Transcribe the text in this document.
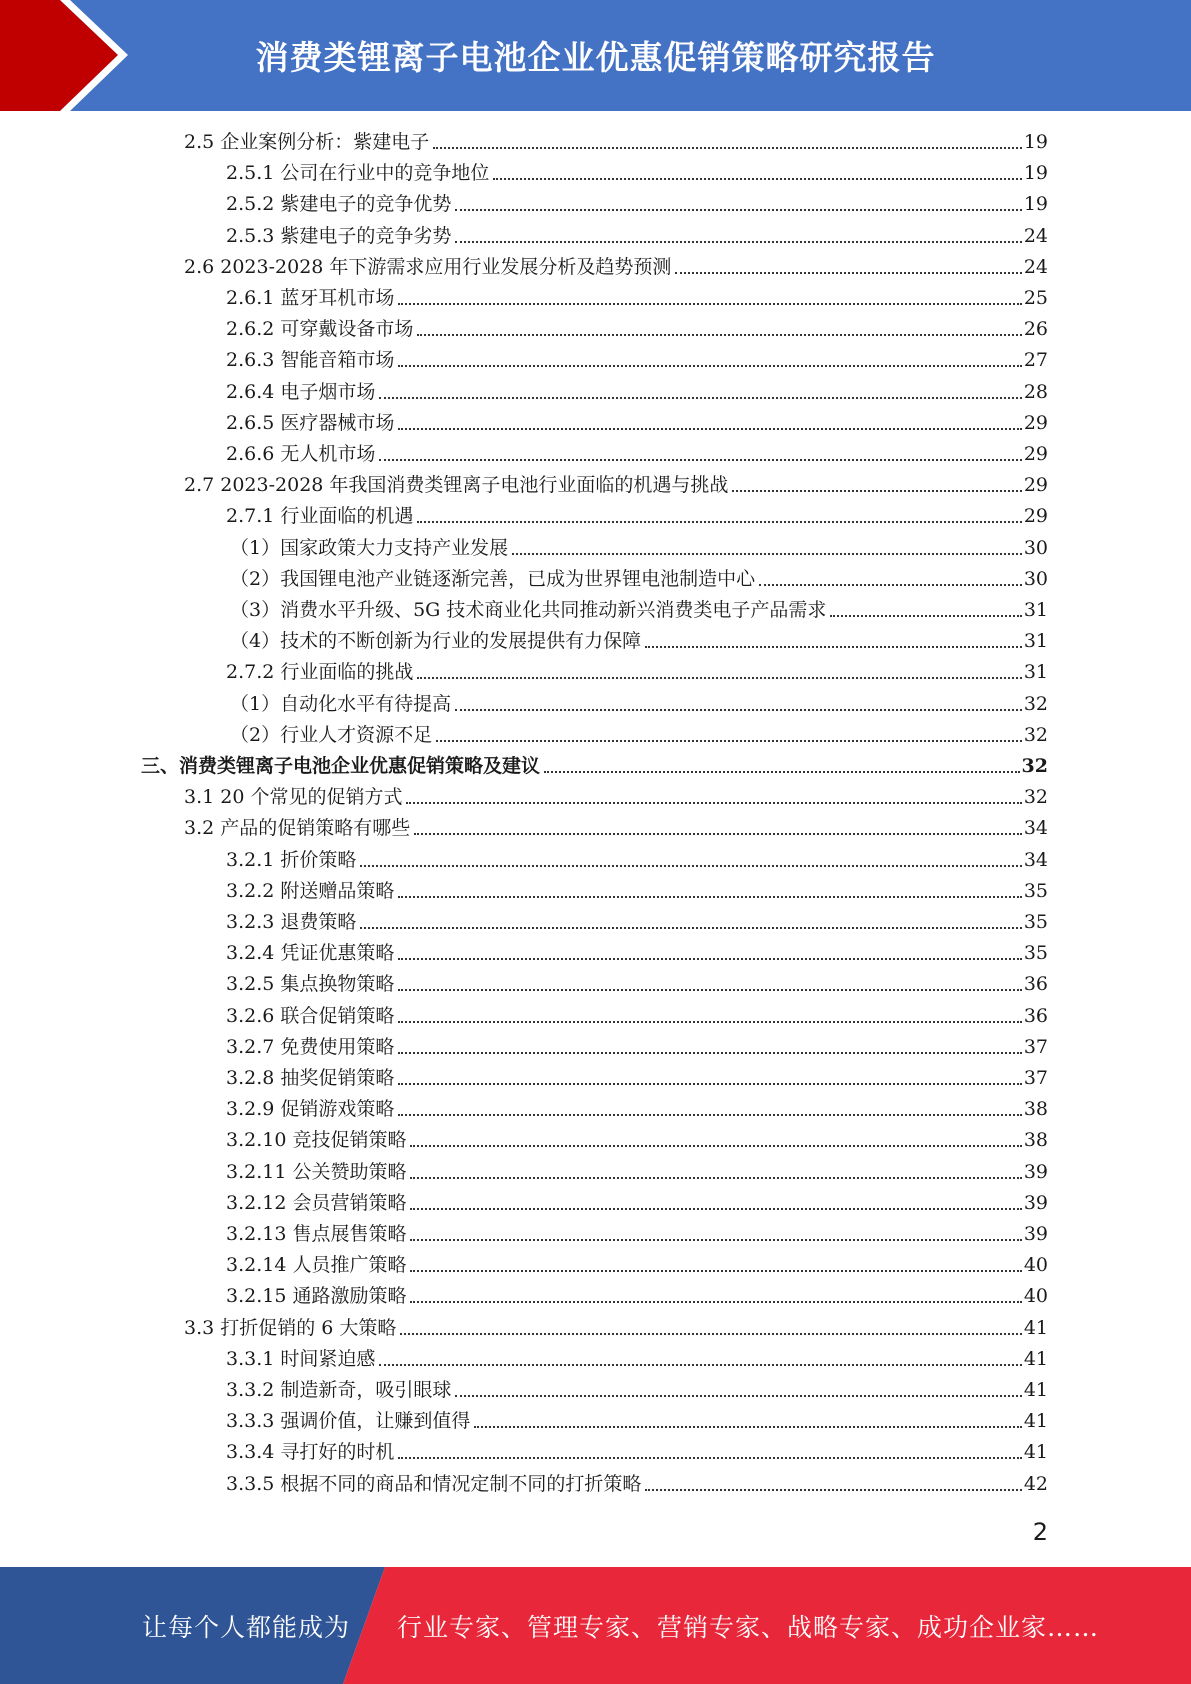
消费类锂离子电池企业优惠促销策略研究报告
2.5 企业案例分析：紫建电子	19
2.5.1 公司在行业中的竞争地位	19
2.5.2 紫建电子的竞争优势	19
2.5.3 紫建电子的竞争劣势	24
2.6 2023-2028 年下游需求应用行业发展分析及趋势预测	24
2.6.1 蓝牙耳机市场	25
2.6.2 可穿戴设备市场	26
2.6.3 智能音箱市场	27
2.6.4 电子烟市场	28
2.6.5 医疗器械市场	29
2.6.6 无人机市场	29
2.7 2023-2028 年我国消费类锂离子电池行业面临的机遇与挑战	29
2.7.1 行业面临的机遇	29
（1）国家政策大力支持产业发展	30
（2）我国锂电池产业链逐渐完善，已成为世界锂电池制造中心	30
（3）消费水平升级、5G 技术商业化共同推动新兴消费类电子产品需求	31
（4）技术的不断创新为行业的发展提供有力保障	31
2.7.2 行业面临的挑战	31
（1）自动化水平有待提高	32
（2）行业人才资源不足	32
三、消费类锂离子电池企业优惠促销策略及建议	32
3.1 20 个常见的促销方式	32
3.2 产品的促销策略有哪些	34
3.2.1 折价策略	34
3.2.2 附送赠品策略	35
3.2.3 退费策略	35
3.2.4 凭证优惠策略	35
3.2.5 集点换物策略	36
3.2.6 联合促销策略	36
3.2.7 免费使用策略	37
3.2.8 抽奖促销策略	37
3.2.9 促销游戏策略	38
3.2.10 竞技促销策略	38
3.2.11 公关赞助策略	39
3.2.12 会员营销策略	39
3.2.13 售点展售策略	39
3.2.14 人员推广策略	40
3.2.15 通路激励策略	40
3.3 打折促销的 6 大策略	41
3.3.1 时间紧迫感	41
3.3.2 制造新奇，吸引眼球	41
3.3.3 强调价值，让赚到值得	41
3.3.4 寻打好的时机	41
3.3.5 根据不同的商品和情况定制不同的打折策略	42
2
让每个人都能成为 行业专家、管理专家、营销专家、战略专家、成功企业家……
